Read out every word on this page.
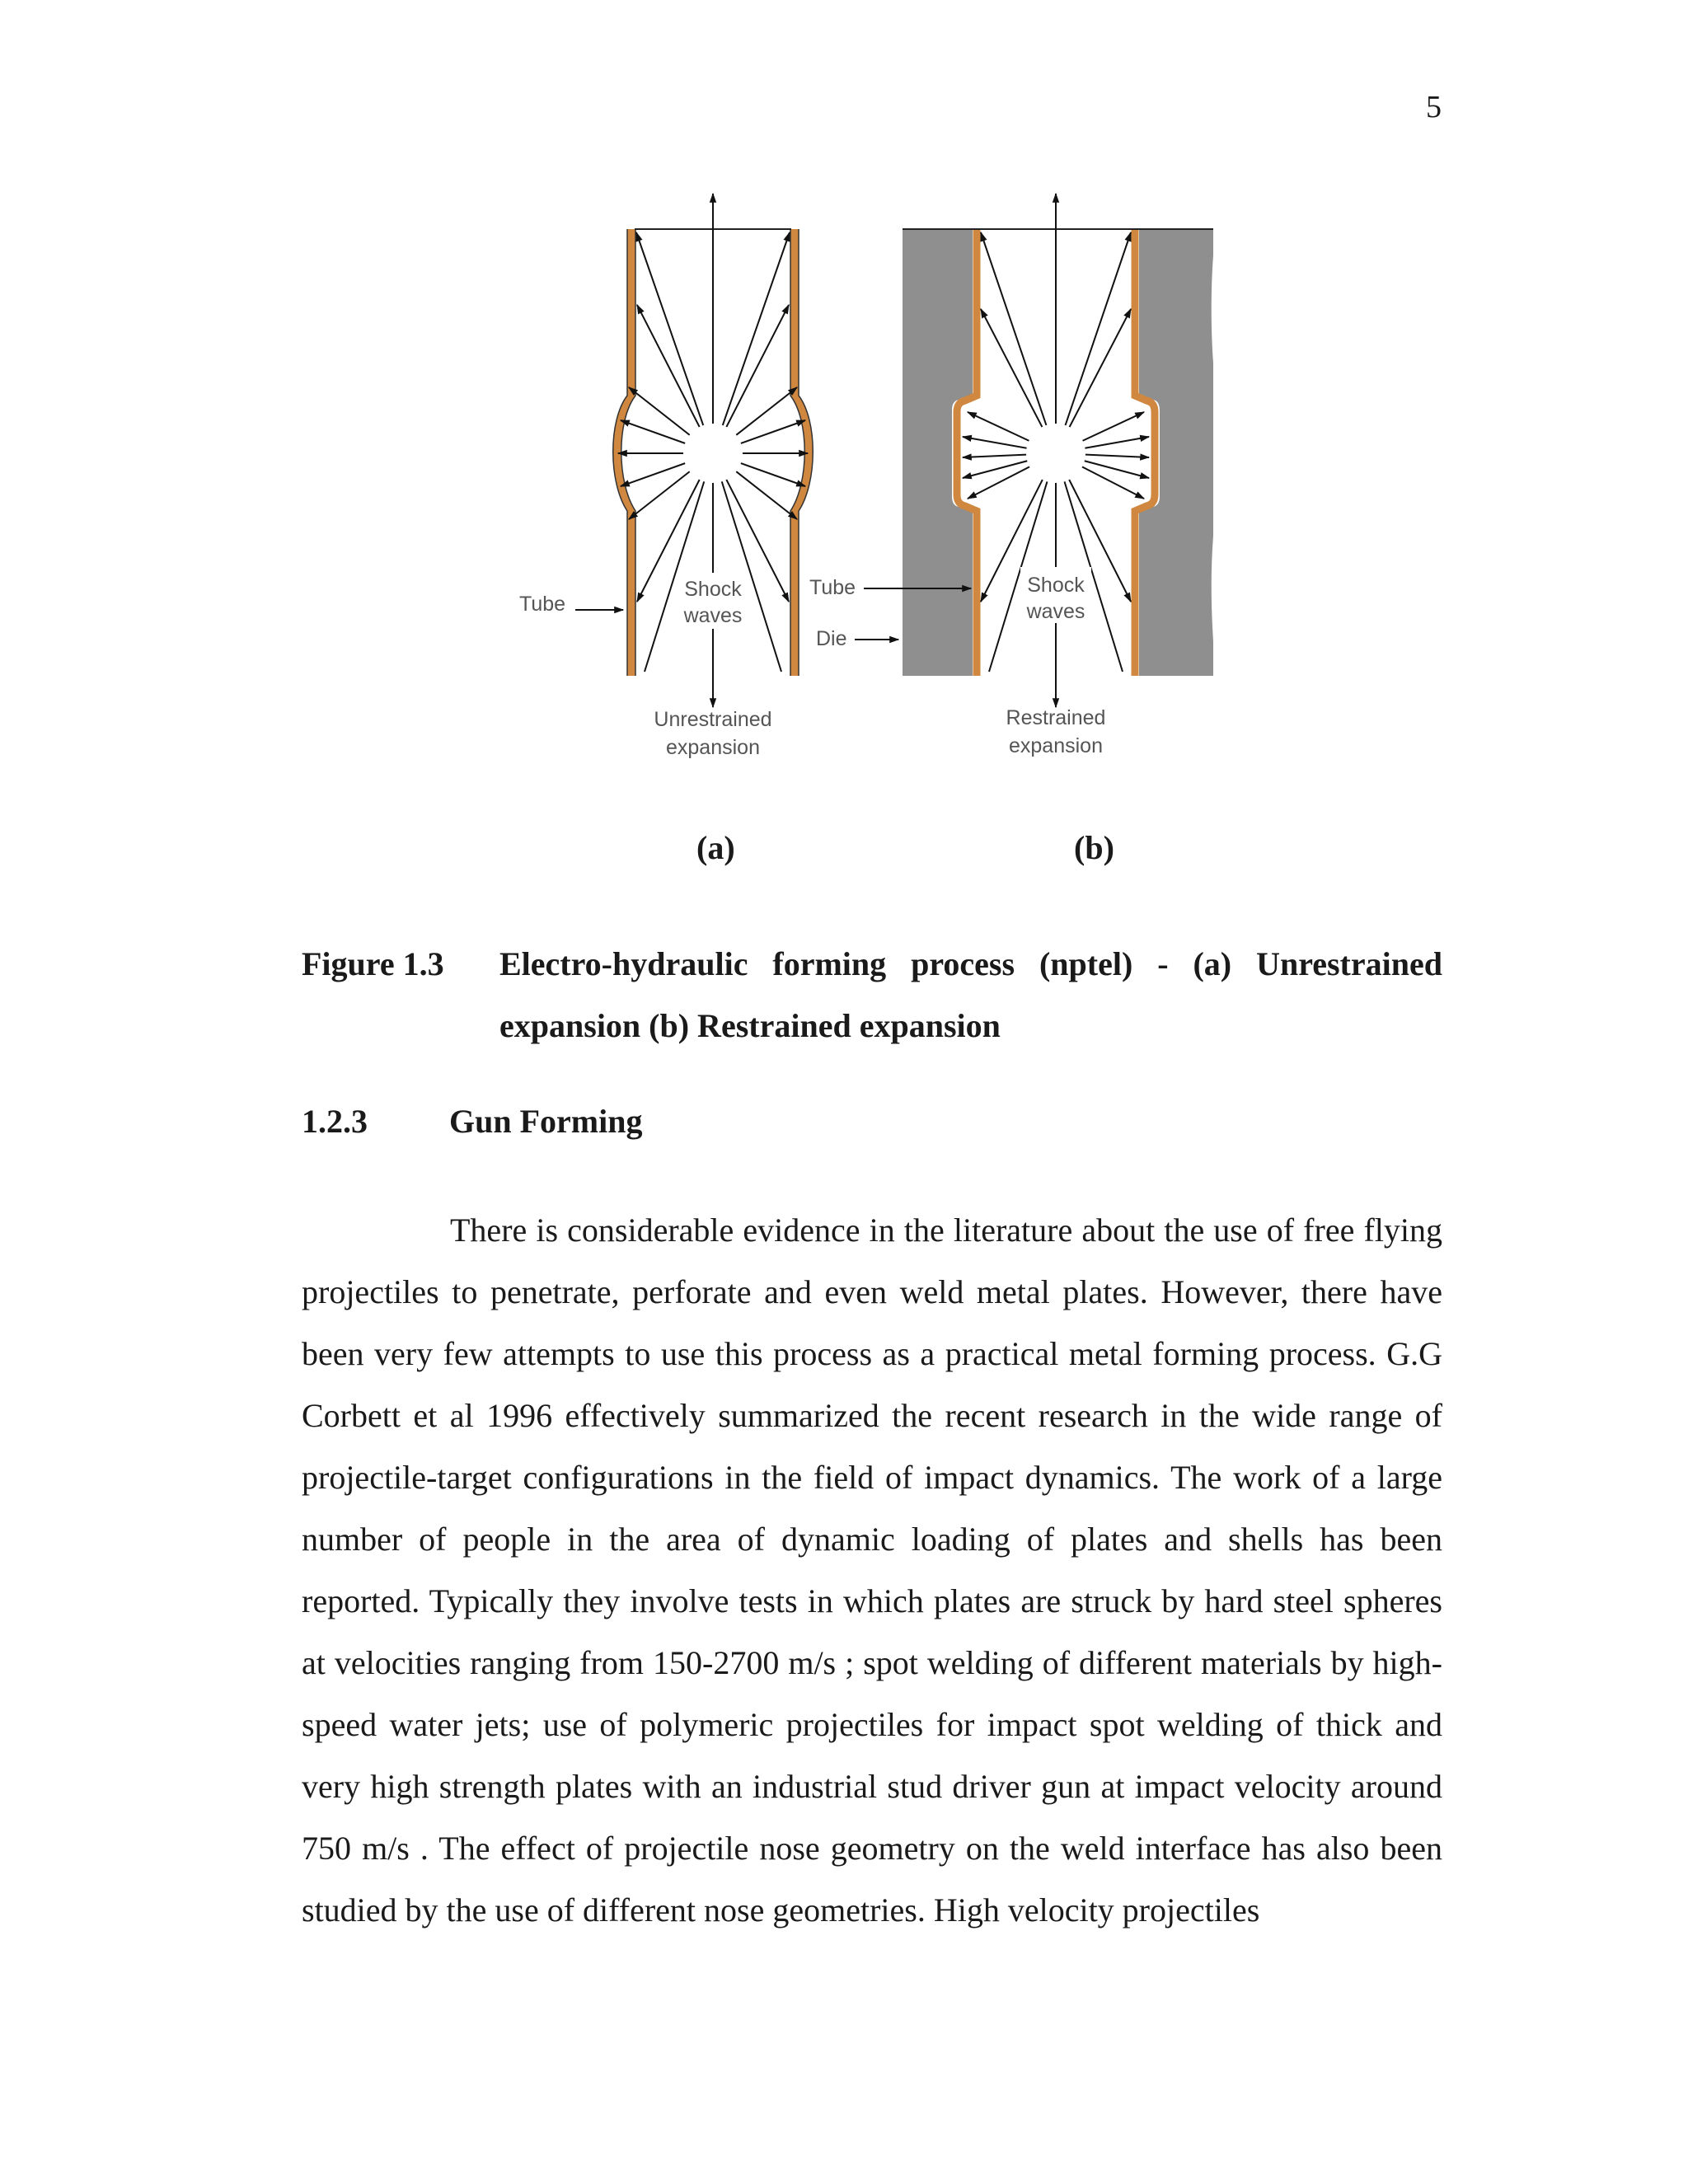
5
Shock
waves
Tube
Unrestrained
expansion
Shock
waves
Tube
Die
Restrained
expansion
(a)	(b)
Figure 1.3 Electro-hydraulic forming process (nptel) - (a) Unrestrained expansion (b) Restrained expansion
1.2.3 Gun Forming

There is considerable evidence in the literature about the use of free flying projectiles to penetrate, perforate and even weld metal plates. However, there have been very few attempts to use this process as a practical metal forming process. G.G Corbett et al 1996 effectively summarized the recent research in the wide range of projectile-target configurations in the field of impact dynamics. The work of a large number of people in the area of dynamic loading of plates and shells has been reported. Typically they involve tests in which plates are struck by hard steel spheres at velocities ranging from 150-2700 m/s ; spot welding of different materials by high-speed water jets; use of polymeric projectiles for impact spot welding of thick and very high strength plates with an industrial stud driver gun at impact velocity around 750 m/s . The effect of projectile nose geometry on the weld interface has also been studied by the use of different nose geometries. High velocity projectiles
